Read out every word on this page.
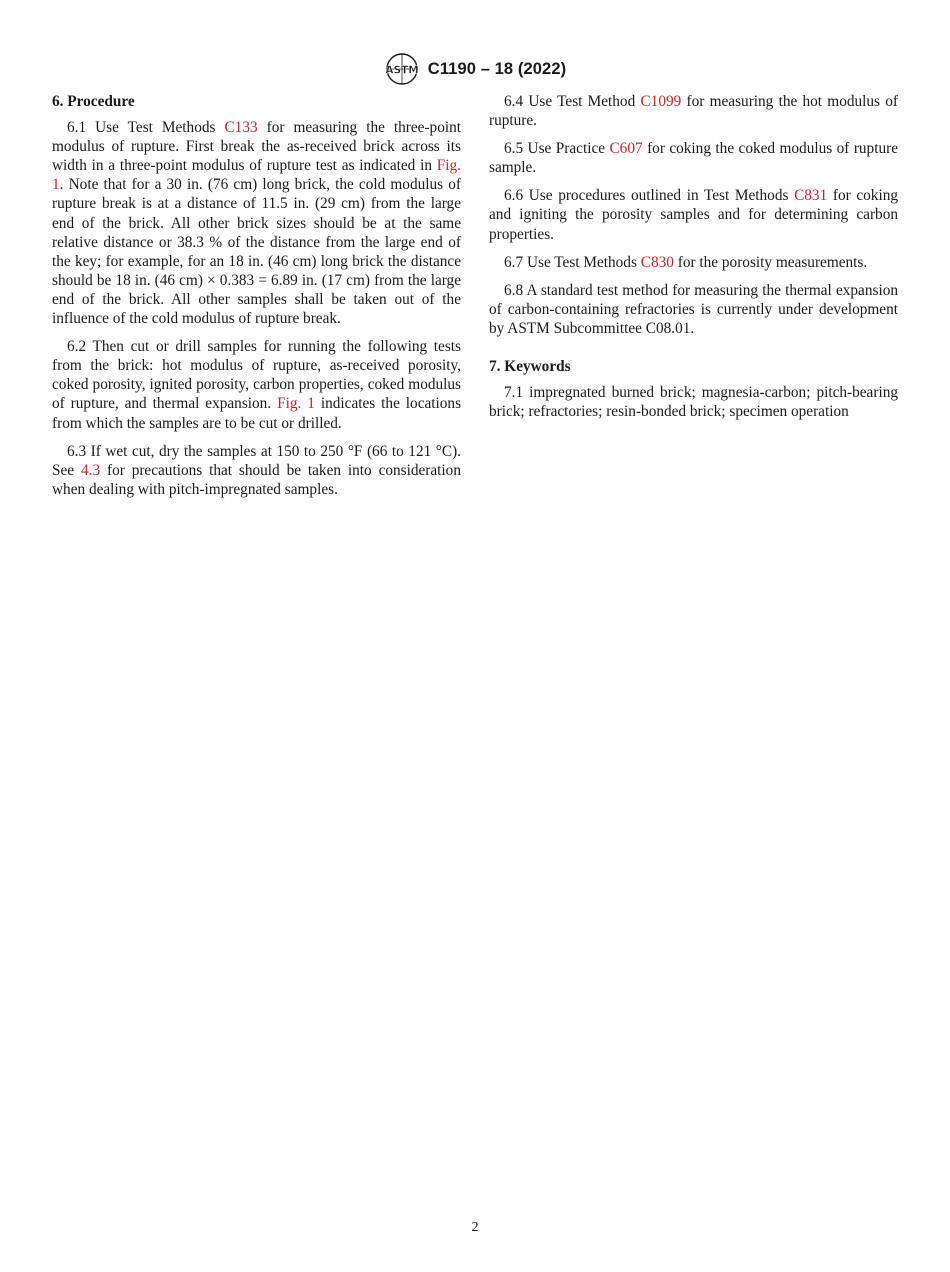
ASTM C1190 – 18 (2022)
6. Procedure

6.1 Use Test Methods C133 for measuring the three-point modulus of rupture. First break the as-received brick across its width in a three-point modulus of rupture test as indicated in Fig. 1. Note that for a 30 in. (76 cm) long brick, the cold modulus of rupture break is at a distance of 11.5 in. (29 cm) from the large end of the brick. All other brick sizes should be at the same relative distance or 38.3 % of the distance from the large end of the key; for example, for an 18 in. (46 cm) long brick the distance should be 18 in. (46 cm) × 0.383 = 6.89 in. (17 cm) from the large end of the brick. All other samples shall be taken out of the influence of the cold modulus of rupture break.

6.2 Then cut or drill samples for running the following tests from the brick: hot modulus of rupture, as-received porosity, coked porosity, ignited porosity, carbon properties, coked modulus of rupture, and thermal expansion. Fig. 1 indicates the locations from which the samples are to be cut or drilled.

6.3 If wet cut, dry the samples at 150 to 250 °F (66 to 121 °C). See 4.3 for precautions that should be taken into consideration when dealing with pitch-impregnated samples.

6.4 Use Test Method C1099 for measuring the hot modulus of rupture.

6.5 Use Practice C607 for coking the coked modulus of rupture sample.

6.6 Use procedures outlined in Test Methods C831 for coking and igniting the porosity samples and for determining carbon properties.

6.7 Use Test Methods C830 for the porosity measurements.

6.8 A standard test method for measuring the thermal expansion of carbon-containing refractories is currently under development by ASTM Subcommittee C08.01.

7. Keywords

7.1 impregnated burned brick; magnesia-carbon; pitch-bearing brick; refractories; resin-bonded brick; specimen operation

2
